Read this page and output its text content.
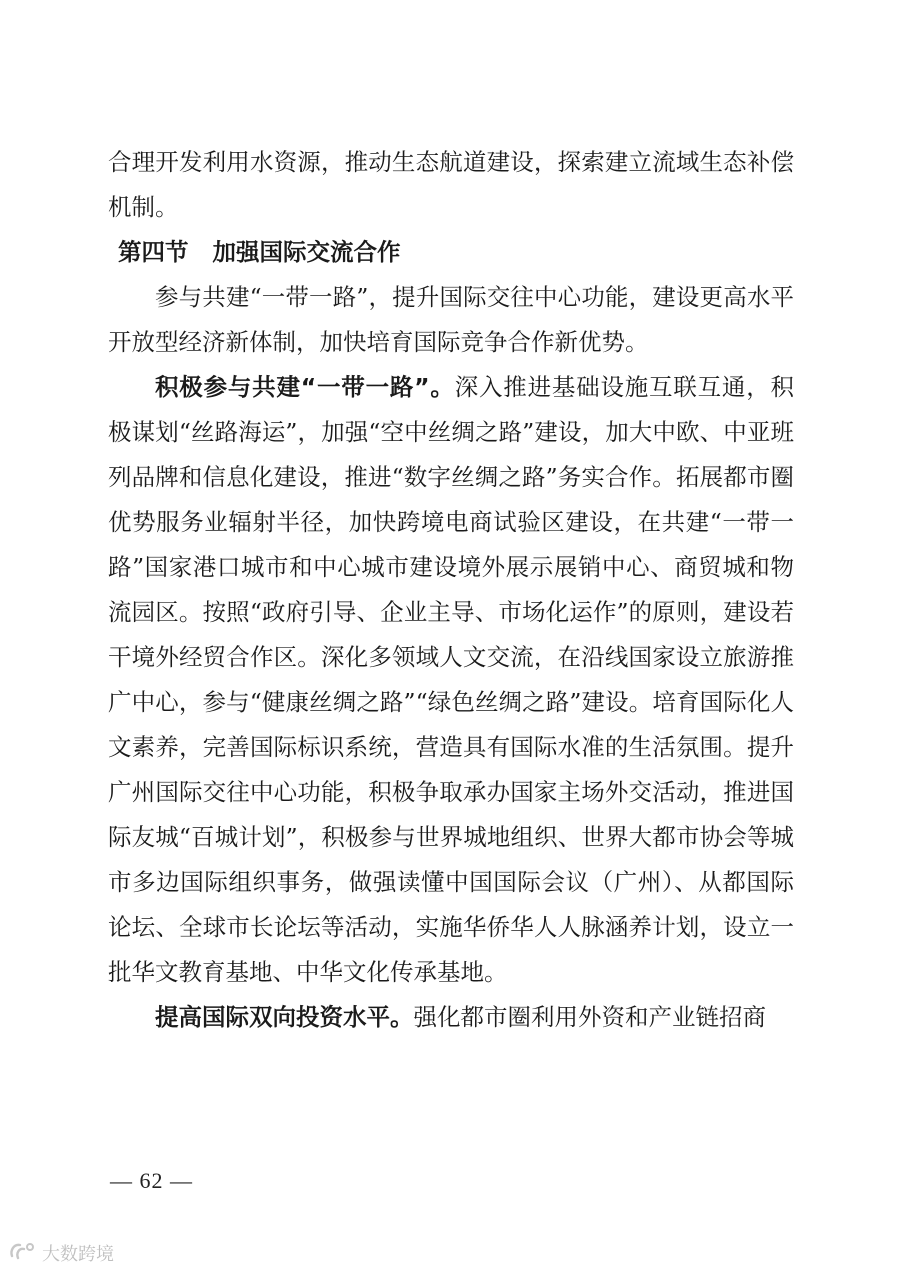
合理开发利用水资源，推动生态航道建设，探索建立流域生态补偿机制。

第四节 加强国际交流合作

参与共建“一带一路”，提升国际交往中心功能，建设更高水平开放型经济新体制，加快培育国际竞争合作新优势。

积极参与共建“一带一路”。深入推进基础设施互联互通，积极谋划“丝路海运”，加强“空中丝绸之路”建设，加大中欧、中亚班列品牌和信息化建设，推进“数字丝绸之路”务实合作。拓展都市圈优势服务业辐射半径，加快跨境电商试验区建设，在共建“一带一路”国家港口城市和中心城市建设境外展示展销中心、商贸城和物流园区。按照“政府引导、企业主导、市场化运作”的原则，建设若干境外经贸合作区。深化多领域人文交流，在沿线国家设立旅游推广中心，参与“健康丝绸之路”“绿色丝绸之路”建设。培育国际化人文素养，完善国际标识系统，营造具有国际水准的生活氛围。提升广州国际交往中心功能，积极争取承办国家主场外交活动，推进国际友城“百城计划”，积极参与世界城地组织、世界大都市协会等城市多边国际组织事务，做强读懂中国国际会议（广州）、从都国际论坛、全球市长论坛等活动，实施华侨华人人脉涵养计划，设立一批华文教育基地、中华文化传承基地。

提高国际双向投资水平。强化都市圈利用外资和产业链招商

— 62 —
大数跨境
